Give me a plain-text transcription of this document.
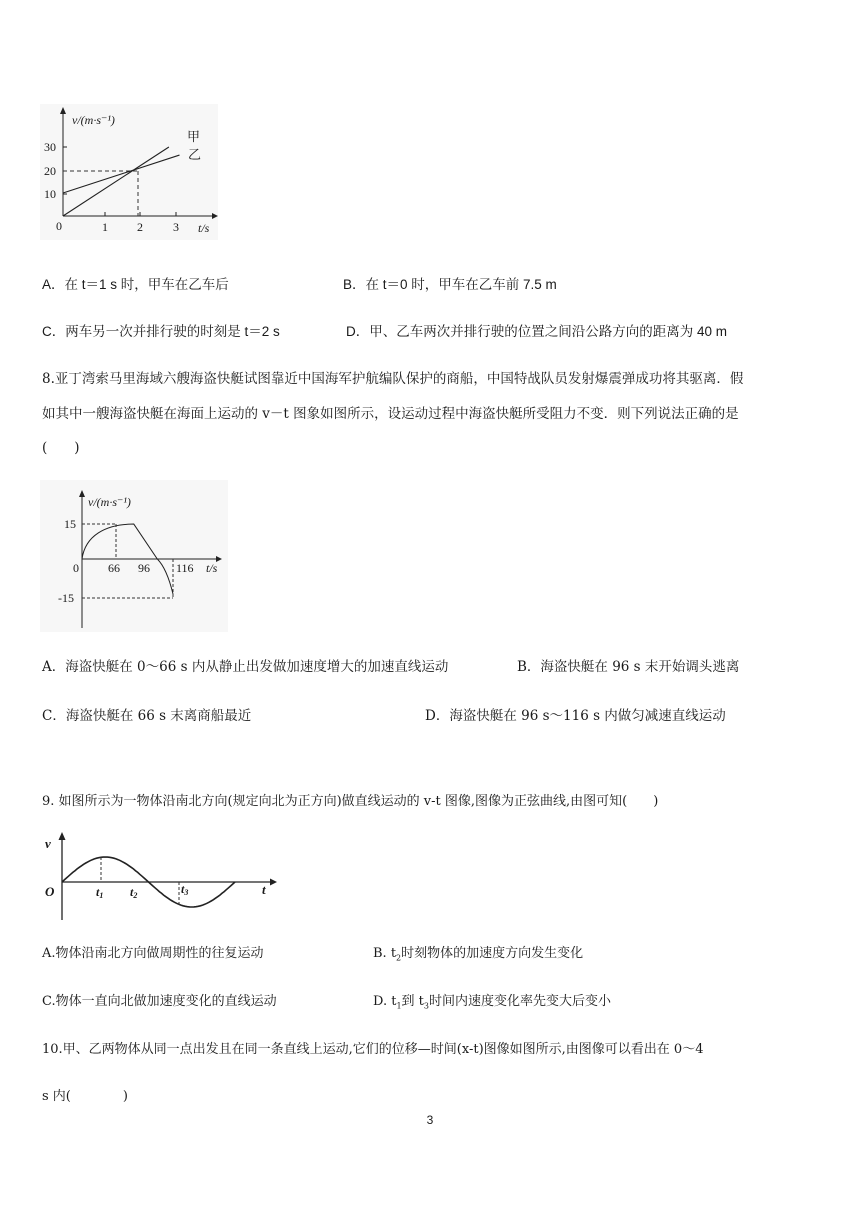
v/(m·s⁻¹)
t/s
30
20
10
0	1 2	3
甲
乙
A．在 t＝1 s 时，甲车在乙车后	B．在 t＝0 时，甲车在乙车前 7.5 m
C．两车另一次并排行驶的时刻是 t＝2 s	D．甲、乙车两次并排行驶的位置之间沿公路方向的距离为 40 m
8.亚丁湾索马里海域六艘海盗快艇试图靠近中国海军护航编队保护的商船，中国特战队员发射爆震弹成功将其驱离．假
如其中一艘海盗快艇在海面上运动的 v－t 图象如图所示，设运动过程中海盗快艇所受阻力不变．则下列说法正确的是
(　　)
v/(m·s⁻¹)
t/s
15
-15
0 66 96 116
A．海盗快艇在 0～66 s 内从静止出发做加速度增大的加速直线运动	B．海盗快艇在 96 s 末开始调头逃离
C．海盗快艇在 66 s 末离商船最近	D．海盗快艇在 96 s～116 s 内做匀减速直线运动
9. 如图所示为一物体沿南北方向(规定向北为正方向)做直线运动的 v-t 图像,图像为正弦曲线,由图可知(　　)
v
t
O	t1 t2	t3
A.物体沿南北方向做周期性的往复运动	B. $t_2$时刻物体的加速度方向发生变化
C.物体一直向北做加速度变化的直线运动	D. $t_1$到 $t_3$时间内速度变化率先变大后变小
10.甲、乙两物体从同一点出发且在同一条直线上运动,它们的位移—时间(x-t)图像如图所示,由图像可以看出在 0～4
s 内(　　　　)
3
